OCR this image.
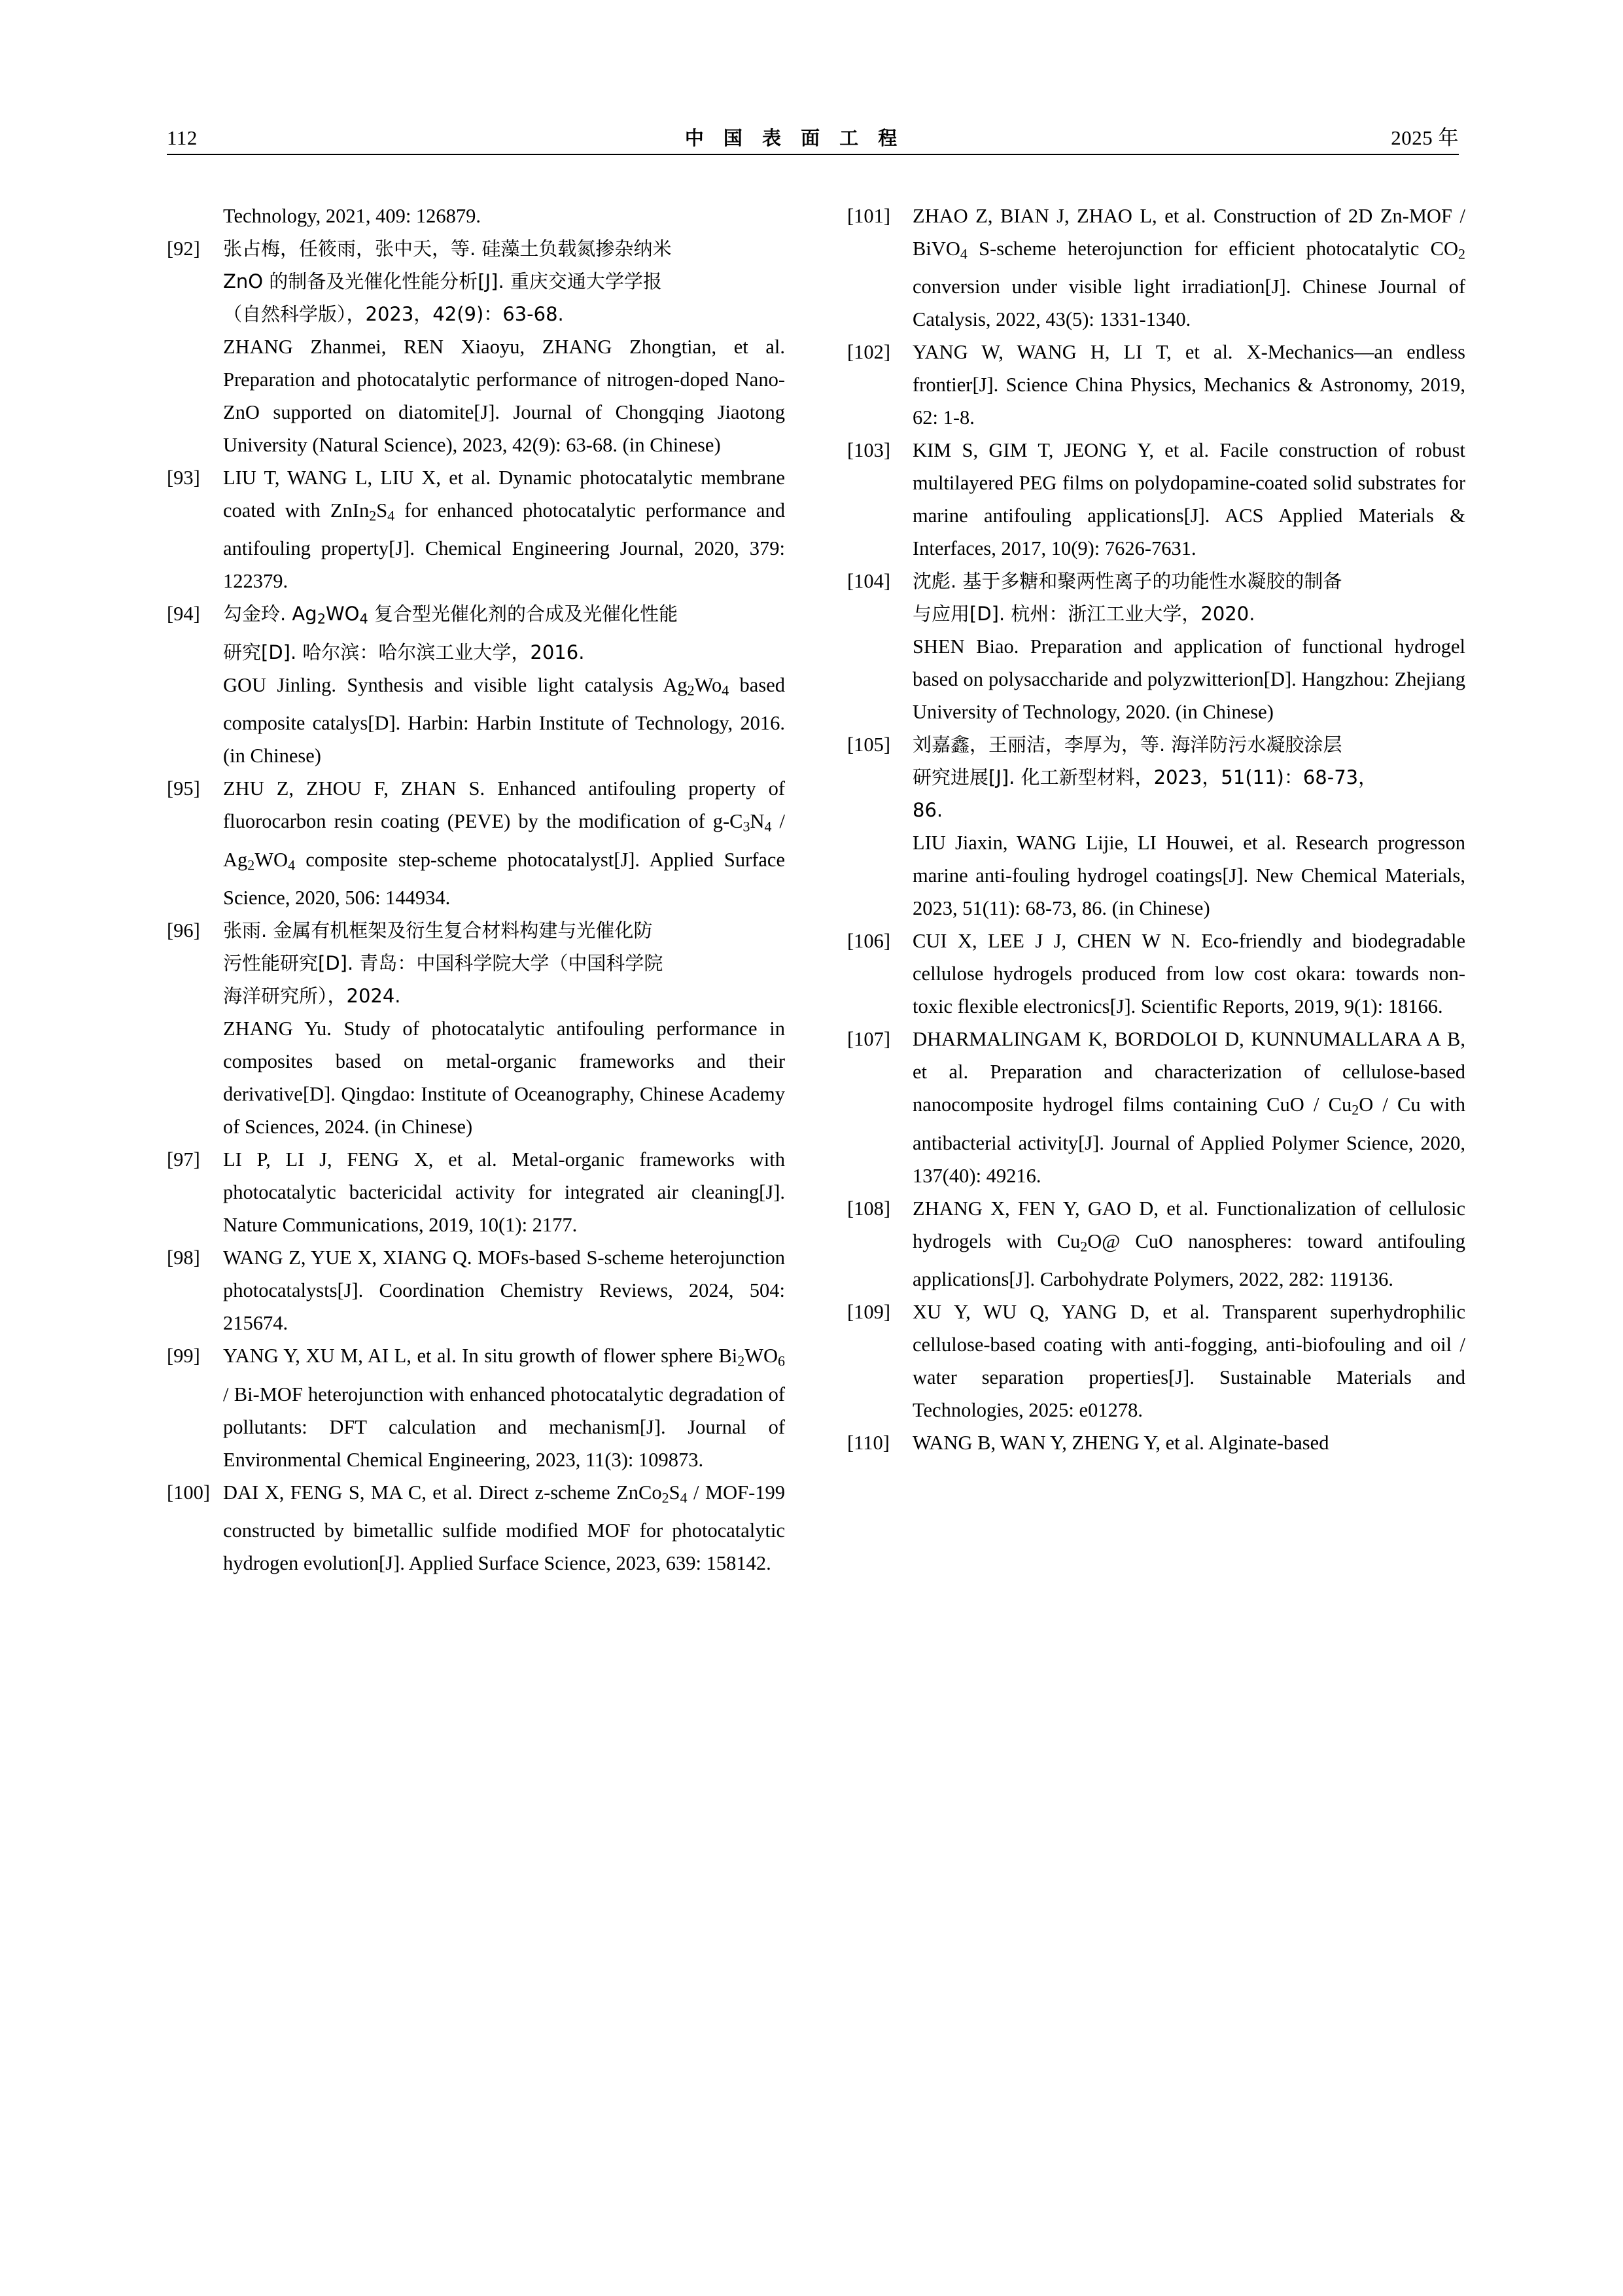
112	中 国 表 面 工 程	2025 年

Technology, 2021, 409: 126879.

[92]	张占梅，任筱雨，张中天，等. 硅藻土负载氮掺杂纳米

ZnO 的制备及光催化性能分析[J]. 重庆交通大学学报

（自然科学版），2023，42(9)：63-68.

ZHANG Zhanmei, REN Xiaoyu, ZHANG Zhongtian, et al. Preparation and photocatalytic performance of nitrogen-doped Nano-ZnO supported on diatomite[J]. Journal of Chongqing Jiaotong University (Natural Science), 2023, 42(9): 63-68. (in Chinese)

[93]	LIU T, WANG L, LIU X, et al. Dynamic photocatalytic membrane coated with $ZnIn_2S_4$ for enhanced photocatalytic performance and antifouling property[J]. Chemical Engineering Journal, 2020, 379: 122379.

[94]	勾金玲. $Ag_2WO_4$ 复合型光催化剂的合成及光催化性能

研究[D]. 哈尔滨：哈尔滨工业大学，2016.

GOU Jinling. Synthesis and visible light catalysis $Ag_2Wo_4$ based composite catalys[D]. Harbin: Harbin Institute of Technology, 2016. (in Chinese)

[95]	ZHU Z, ZHOU F, ZHAN S. Enhanced antifouling property of fluorocarbon resin coating (PEVE) by the modification of $g-C_3N_4 / Ag_2WO_4$ composite step-scheme photocatalyst[J]. Applied Surface Science, 2020, 506: 144934.

[96]	张雨. 金属有机框架及衍生复合材料构建与光催化防

污性能研究[D]. 青岛：中国科学院大学（中国科学院

海洋研究所），2024.

ZHANG Yu. Study of photocatalytic antifouling performance in composites based on metal-organic frameworks and their derivative[D]. Qingdao: Institute of Oceanography, Chinese Academy of Sciences, 2024. (in Chinese)

[97]	LI P, LI J, FENG X, et al. Metal-organic frameworks with photocatalytic bactericidal activity for integrated air cleaning[J]. Nature Communications, 2019, 10(1): 2177.

[98]	WANG Z, YUE X, XIANG Q. MOFs-based S-scheme heterojunction photocatalysts[J]. Coordination Chemistry Reviews, 2024, 504: 215674.

[99]	YANG Y, XU M, AI L, et al. In situ growth of flower sphere $Bi_2WO_6 / Bi-MOF$ heterojunction with enhanced photocatalytic degradation of pollutants: DFT calculation and mechanism[J]. Journal of Environmental Chemical Engineering, 2023, 11(3): 109873.

[100] DAI X, FENG S, MA C, et al. Direct z-scheme $ZnCo_2S_4 / MOF-199$ constructed by bimetallic sulfide modified MOF for photocatalytic hydrogen evolution[J]. Applied Surface Science, 2023, 639: 158142.

[101]	ZHAO Z, BIAN J, ZHAO L, et al. Construction of 2D Zn-MOF / BiVO$_4$ S-scheme heterojunction for efficient photocatalytic $CO_2$ conversion under visible light irradiation[J]. Chinese Journal of Catalysis, 2022, 43(5): 1331-1340.

[102]	YANG W, WANG H, LI T, et al. X-Mechanics—an endless frontier[J]. Science China Physics, Mechanics & Astronomy, 2019, 62: 1-8.

[103]	KIM S, GIM T, JEONG Y, et al. Facile construction of robust multilayered PEG films on polydopamine-coated solid substrates for marine antifouling applications[J]. ACS Applied Materials & Interfaces, 2017, 10(9): 7626-7631.

[104]	沈彪. 基于多糖和聚两性离子的功能性水凝胶的制备

与应用[D]. 杭州：浙江工业大学，2020.

SHEN Biao. Preparation and application of functional hydrogel based on polysaccharide and polyzwitterion[D]. Hangzhou: Zhejiang University of Technology, 2020. (in Chinese)

[105]	刘嘉鑫，王丽洁，李厚为，等. 海洋防污水凝胶涂层

研究进展[J]. 化工新型材料，2023，51(11)：68-73，

86.

LIU Jiaxin, WANG Lijie, LI Houwei, et al. Research progresson marine anti-fouling hydrogel coatings[J]. New Chemical Materials, 2023, 51(11): 68-73, 86. (in Chinese)

[106]	CUI X, LEE J J, CHEN W N. Eco-friendly and biodegradable cellulose hydrogels produced from low cost okara: towards non-toxic flexible electronics[J]. Scientific Reports, 2019, 9(1): 18166.

[107]	DHARMALINGAM K, BORDOLOI D, KUNNUMALLARA A B, et al. Preparation and characterization of cellulose‐based nanocomposite hydrogel films containing CuO / $Cu_2O$ / Cu with antibacterial activity[J]. Journal of Applied Polymer Science, 2020, 137(40): 49216.

[108]	ZHANG X, FEN Y, GAO D, et al. Functionalization of cellulosic hydrogels with $Cu_2O@$ CuO nanospheres: toward antifouling applications[J]. Carbohydrate Polymers, 2022, 282: 119136.

[109]	XU Y, WU Q, YANG D, et al. Transparent superhydrophilic cellulose-based coating with anti-fogging, anti-biofouling and oil / water separation properties[J]. Sustainable Materials and Technologies, 2025: e01278.

[110]	WANG B, WAN Y, ZHENG Y, et al. Alginate-based
